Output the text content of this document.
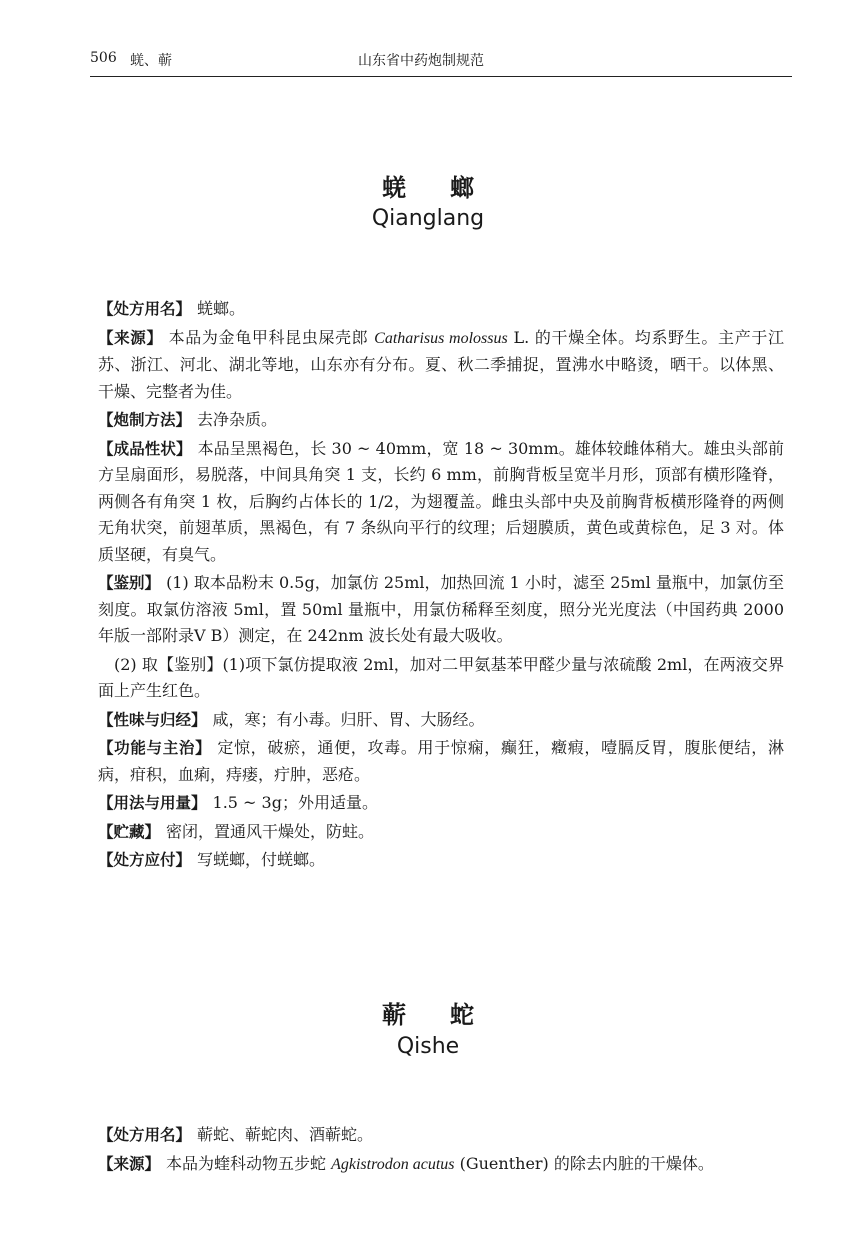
506 蜣、蕲	山东省中药炮制规范
蜣螂
Qianglang

【处方用名】 蜣螂。

【来源】 本品为金龟甲科昆虫屎壳郎 Catharisus molossus L. 的干燥全体。均系野生。主产于江苏、浙江、河北、湖北等地，山东亦有分布。夏、秋二季捕捉，置沸水中略烫，晒干。以体黑、干燥、完整者为佳。

【炮制方法】 去净杂质。

【成品性状】 本品呈黑褐色，长 30 ~ 40mm，宽 18 ~ 30mm。雄体较雌体稍大。雄虫头部前方呈扇面形，易脱落，中间具角突 1 支，长约 6 mm，前胸背板呈宽半月形，顶部有横形隆脊，两侧各有角突 1 枚，后胸约占体长的 1/2，为翅覆盖。雌虫头部中央及前胸背板横形隆脊的两侧无角状突，前翅革质，黑褐色，有 7 条纵向平行的纹理；后翅膜质，黄色或黄棕色，足 3 对。体质坚硬，有臭气。

【鉴别】 (1) 取本品粉末 0.5g，加氯仿 25ml，加热回流 1 小时，滤至 25ml 量瓶中，加氯仿至刻度。取氯仿溶液 5ml，置 50ml 量瓶中，用氯仿稀释至刻度，照分光光度法（中国药典 2000 年版一部附录Ⅴ B）测定，在 242nm 波长处有最大吸收。

(2) 取【鉴别】(1)项下氯仿提取液 2ml，加对二甲氨基苯甲醛少量与浓硫酸 2ml，在两液交界面上产生红色。

【性味与归经】 咸，寒；有小毒。归肝、胃、大肠经。

【功能与主治】 定惊，破瘀，通便，攻毒。用于惊痫，癫狂，癥瘕，噎膈反胃，腹胀便结，淋病，疳积，血痢，痔瘘，疔肿，恶疮。

【用法与用量】 1.5 ~ 3g；外用适量。

【贮藏】 密闭，置通风干燥处，防蛀。

【处方应付】 写蜣螂，付蜣螂。

蕲蛇
Qishe

【处方用名】 蕲蛇、蕲蛇肉、酒蕲蛇。

【来源】 本品为蝰科动物五步蛇 Agkistrodon acutus (Guenther) 的除去内脏的干燥体。
